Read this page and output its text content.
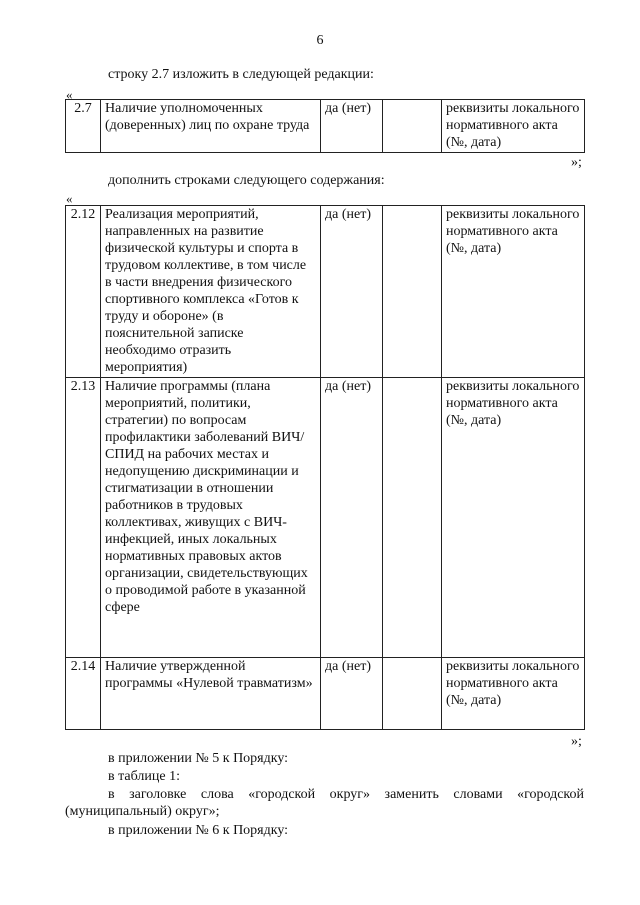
6
строку 2.7 изложить в следующей редакции:
«
2.7	Наличие уполномоченных (доверенных) лиц по охране труда	да (нет)		реквизиты локального нормативного акта (№, дата)
»;
дополнить строками следующего содержания:
«
2.12	Реализация мероприятий, направленных на развитие физической культуры и спорта в трудовом коллективе, в том числе в части внедрения физического спортивного комплекса «Готов к труду и обороне» (в пояснительной записке необходимо отразить мероприятия)	да (нет)		реквизиты локального нормативного акта (№, дата)
2.13	Наличие программы (плана мероприятий, политики, стратегии) по вопросам профилактики заболеваний ВИЧ/СПИД на рабочих местах и недопущению дискриминации и стигматизации в отношении работников в трудовых коллективах, живущих с ВИЧ-инфекцией, иных локальных нормативных правовых актов организации, свидетельствующих о проводимой работе в указанной сфере	да (нет)		реквизиты локального нормативного акта (№, дата)
2.14	Наличие утвержденной программы «Нулевой травматизм»	да (нет)		реквизиты локального нормативного акта (№, дата)
»;
в приложении № 5 к Порядку:
в таблице 1:
в заголовке слова «городской округ» заменить словами «городской (муниципальный) округ»;
в приложении № 6 к Порядку:
